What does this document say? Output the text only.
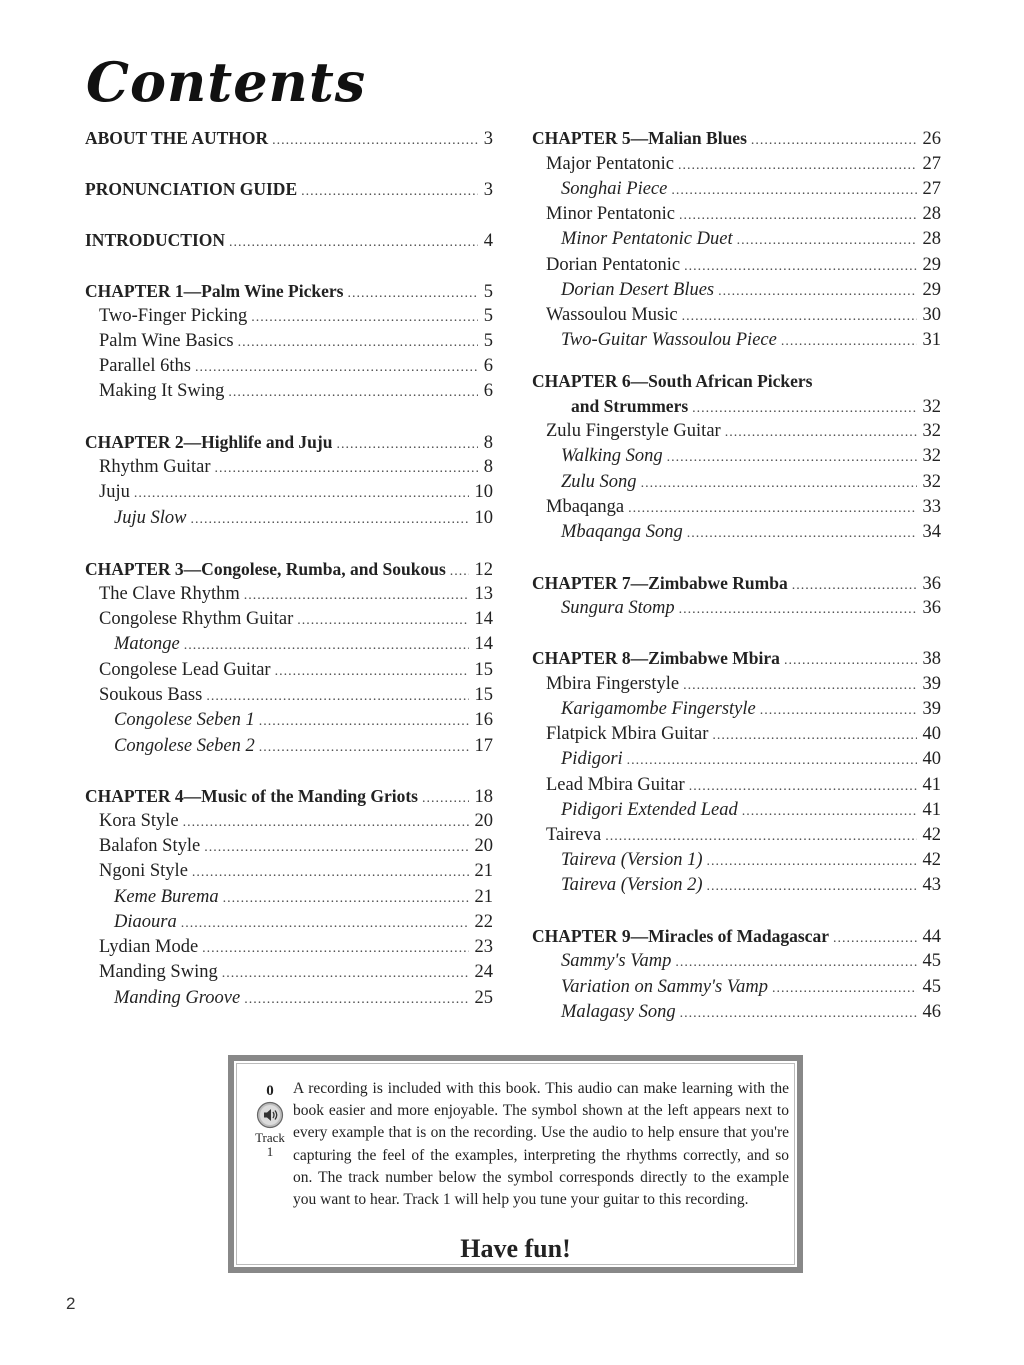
Contents
ABOUT THE AUTHOR .....	3
PRONUNCIATION GUIDE .....	3
INTRODUCTION .....	4
CHAPTER 1—Palm Wine Pickers .....	5
Two-Finger Picking .....	5
Palm Wine Basics .....	5
Parallel 6ths .....	6
Making It Swing .....	6
CHAPTER 2—Highlife and Juju .....	8
Rhythm Guitar .....	8
Juju .....	10
Juju Slow .....	10
CHAPTER 3—Congolese, Rumba, and Soukous ..... 12
The Clave Rhythm .....	13
Congolese Rhythm Guitar .....	14
Matonge .....	14
Congolese Lead Guitar .....	15
Soukous Bass .....	15
Congolese Seben 1 .....	16
Congolese Seben 2 .....	17
CHAPTER 4—Music of the Manding Griots .....	18
Kora Style .....	20
Balafon Style .....	20
Ngoni Style .....	21
Keme Burema .....	21
Diaoura .....	22
Lydian Mode .....	23
Manding Swing .....	24
Manding Groove .....	25
CHAPTER 5—Malian Blues .....	26
Major Pentatonic .....	27
Songhai Piece .....	27
Minor Pentatonic .....	28
Minor Pentatonic Duet .....	28
Dorian Pentatonic .....	29
Dorian Desert Blues .....	29
Wassoulou Music .....	30
Two-Guitar Wassoulou Piece .....	31
CHAPTER 6—South African Pickers
and Strummers .....	32
Zulu Fingerstyle Guitar .....	32
Walking Song .....	32
Zulu Song .....	32
Mbaqanga .....	33
Mbaqanga Song .....	34
CHAPTER 7—Zimbabwe Rumba .....	36
Sungura Stomp .....	36
CHAPTER 8—Zimbabwe Mbira .....	38
Mbira Fingerstyle .....	39
Karigamombe Fingerstyle .....	39
Flatpick Mbira Guitar .....	40
Pidigori .....	40
Lead Mbira Guitar .....	41
Pidigori Extended Lead .....	41
Taireva .....	42
Taireva (Version 1) .....	42
Taireva (Version 2) .....	43
CHAPTER 9—Miracles of Madagascar .....	44
Sammy's Vamp .....	45
Variation on Sammy's Vamp .....	45
Malagasy Song .....	46
0
Track
1
A recording is included with this book. This audio can make learning with the book easier and more enjoyable. The symbol shown at the left appears next to every example that is on the recording. Use the audio to help ensure that you're capturing the feel of the examples, interpreting the rhythms correctly, and so on. The track number below the symbol corresponds directly to the example you want to hear. Track 1 will help you tune your guitar to this recording.
Have fun!
2
